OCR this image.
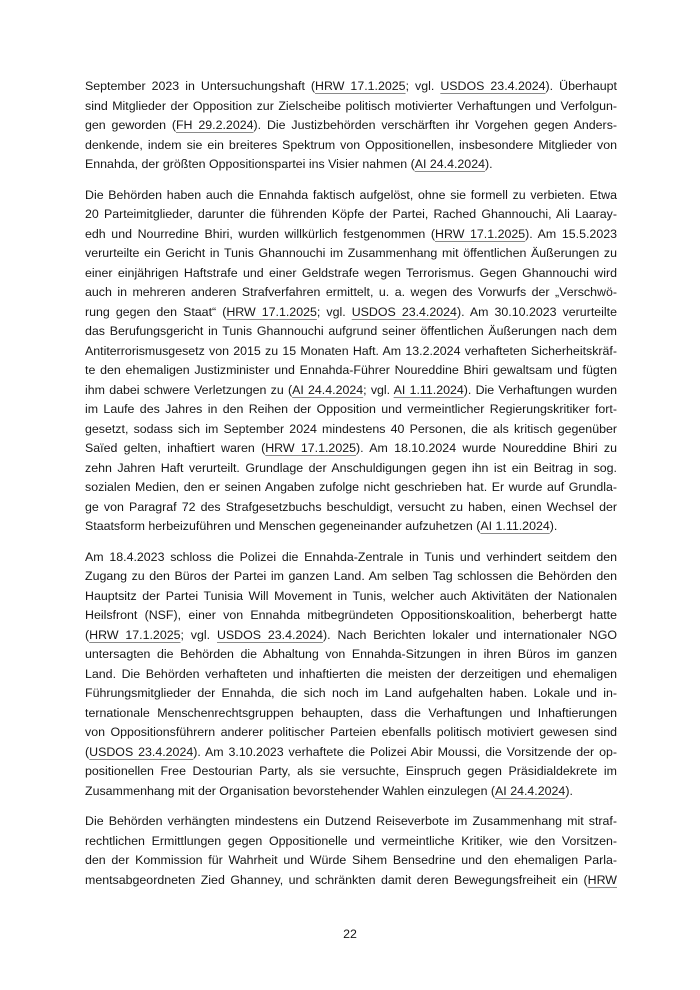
September 2023 in Untersuchungshaft (HRW 17.1.2025; vgl. USDOS 23.4.2024). Überhaupt
sind Mitglieder der Opposition zur Zielscheibe politisch motivierter Verhaftungen und Verfolgun-
gen geworden (FH 29.2.2024). Die Justizbehörden verschärften ihr Vorgehen gegen Anders-
denkende, indem sie ein breiteres Spektrum von Oppositionellen, insbesondere Mitglieder von
Ennahda, der größten Oppositionspartei ins Visier nahmen (AI 24.4.2024).
Die Behörden haben auch die Ennahda faktisch aufgelöst, ohne sie formell zu verbieten. Etwa
20 Parteimitglieder, darunter die führenden Köpfe der Partei, Rached Ghannouchi, Ali Laaray-
edh und Nourredine Bhiri, wurden willkürlich festgenommen (HRW 17.1.2025). Am 15.5.2023
verurteilte ein Gericht in Tunis Ghannouchi im Zusammenhang mit öffentlichen Äußerungen zu
einer einjährigen Haftstrafe und einer Geldstrafe wegen Terrorismus. Gegen Ghannouchi wird
auch in mehreren anderen Strafverfahren ermittelt, u. a. wegen des Vorwurfs der „Verschwö-
rung gegen den Staat“ (HRW 17.1.2025; vgl. USDOS 23.4.2024). Am 30.10.2023 verurteilte
das Berufungsgericht in Tunis Ghannouchi aufgrund seiner öffentlichen Äußerungen nach dem
Antiterrorismusgesetz von 2015 zu 15 Monaten Haft. Am 13.2.2024 verhafteten Sicherheitskräf-
te den ehemaligen Justizminister und Ennahda-Führer Noureddine Bhiri gewaltsam und fügten
ihm dabei schwere Verletzungen zu (AI 24.4.2024; vgl. AI 1.11.2024). Die Verhaftungen wurden
im Laufe des Jahres in den Reihen der Opposition und vermeintlicher Regierungskritiker fort-
gesetzt, sodass sich im September 2024 mindestens 40 Personen, die als kritisch gegenüber
Saïed gelten, inhaftiert waren (HRW 17.1.2025). Am 18.10.2024 wurde Noureddine Bhiri zu
zehn Jahren Haft verurteilt. Grundlage der Anschuldigungen gegen ihn ist ein Beitrag in sog.
sozialen Medien, den er seinen Angaben zufolge nicht geschrieben hat. Er wurde auf Grundla-
ge von Paragraf 72 des Strafgesetzbuchs beschuldigt, versucht zu haben, einen Wechsel der
Staatsform herbeizuführen und Menschen gegeneinander aufzuhetzen (AI 1.11.2024).
Am 18.4.2023 schloss die Polizei die Ennahda-Zentrale in Tunis und verhindert seitdem den
Zugang zu den Büros der Partei im ganzen Land. Am selben Tag schlossen die Behörden den
Hauptsitz der Partei Tunisia Will Movement in Tunis, welcher auch Aktivitäten der Nationalen
Heilsfront (NSF), einer von Ennahda mitbegründeten Oppositionskoalition, beherbergt hatte
(HRW 17.1.2025; vgl. USDOS 23.4.2024). Nach Berichten lokaler und internationaler NGO
untersagten die Behörden die Abhaltung von Ennahda-Sitzungen in ihren Büros im ganzen
Land. Die Behörden verhafteten und inhaftierten die meisten der derzeitigen und ehemaligen
Führungsmitglieder der Ennahda, die sich noch im Land aufgehalten haben. Lokale und in-
ternationale Menschenrechtsgruppen behaupten, dass die Verhaftungen und Inhaftierungen
von Oppositionsführern anderer politischer Parteien ebenfalls politisch motiviert gewesen sind
(USDOS 23.4.2024). Am 3.10.2023 verhaftete die Polizei Abir Moussi, die Vorsitzende der op-
positionellen Free Destourian Party, als sie versuchte, Einspruch gegen Präsidialdekrete im
Zusammenhang mit der Organisation bevorstehender Wahlen einzulegen (AI 24.4.2024).
Die Behörden verhängten mindestens ein Dutzend Reiseverbote im Zusammenhang mit straf-
rechtlichen Ermittlungen gegen Oppositionelle und vermeintliche Kritiker, wie den Vorsitzen-
den der Kommission für Wahrheit und Würde Sihem Bensedrine und den ehemaligen Parla-
mentsabgeordneten Zied Ghanney, und schränkten damit deren Bewegungsfreiheit ein (HRW
22
